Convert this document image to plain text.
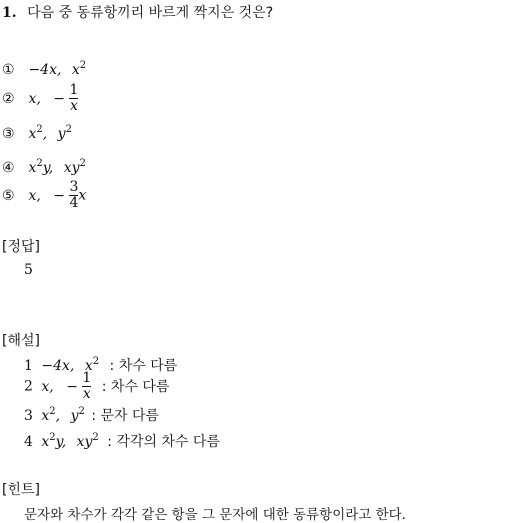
1. 다음 중 동류항끼리 바르게 짝지은 것은?
① −4x, $x^2$
② x, − $\frac{1}{x}$
③ $x^2$, $y^2$
④ $x^2y$, $xy^2$
⑤ x, − $\frac{3}{4}$ x
[정답]
5
[해설]
1 −4x, $x^2$ : 차수 다름
2 x, − $\frac{1}{x}$ : 차수 다름
3 $x^2$, $y^2$ : 문자 다름
4 $x^2y$, $xy^2$ : 각각의 차수 다름
[힌트]
문자와 차수가 각각 같은 항을 그 문자에 대한 동류항이라고 한다.
